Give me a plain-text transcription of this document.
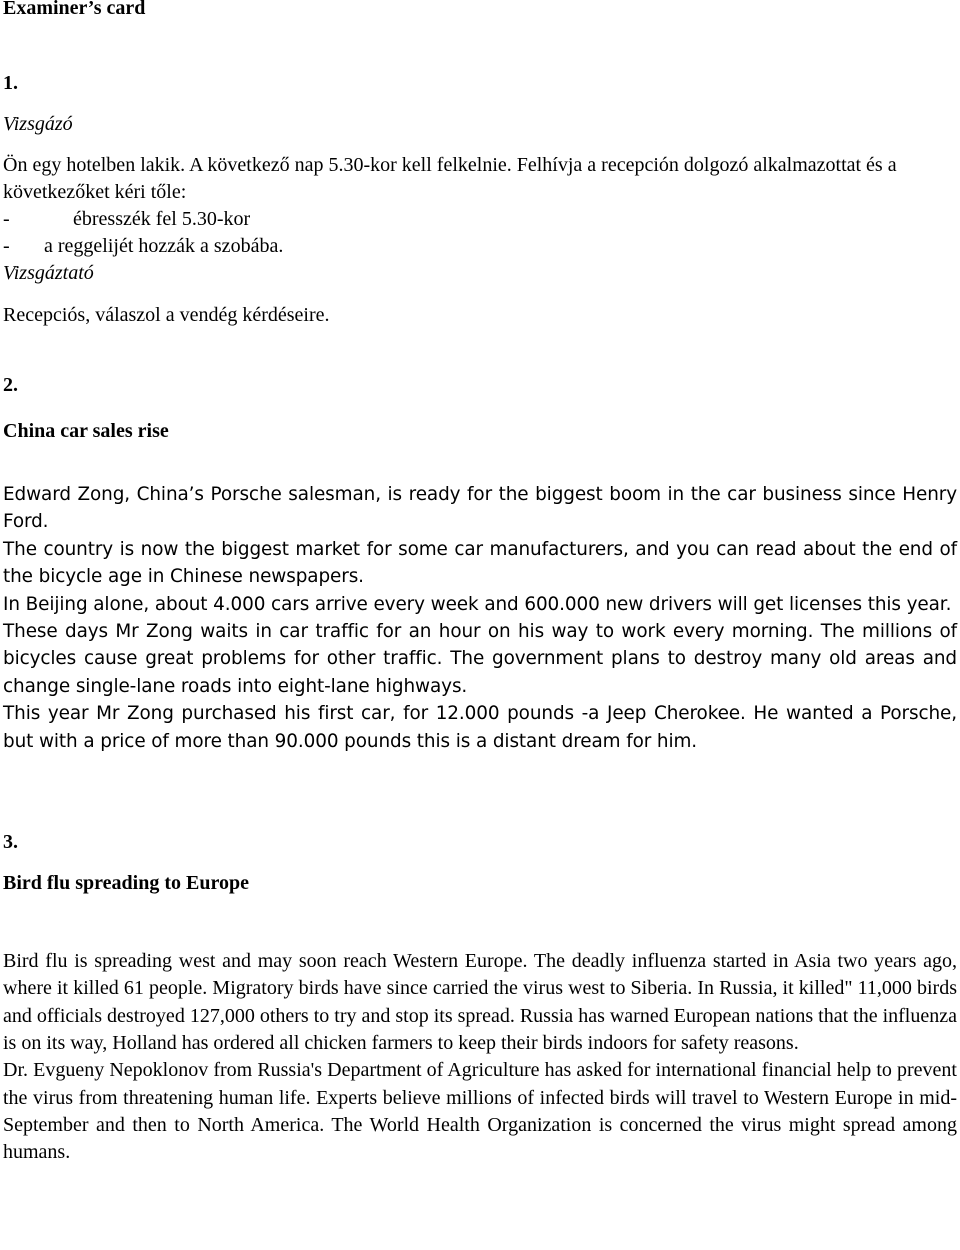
Examiner’s card
1.
Vizsgázó
Ön egy hotelben lakik. A következő nap 5.30-kor kell felkelnie. Felhívja a recepción dolgozó alkalmazottat és a következőket kéri tőle:
-	ébresszék fel 5.30-kor
- a reggelijét hozzák a szobába.
Vizsgáztató
Recepciós, válaszol a vendég kérdéseire.
2.
China car sales rise
Edward Zong, China’s Porsche salesman, is ready for the biggest boom in the car business since Henry Ford.
The country is now the biggest market for some car manufacturers, and you can read about the end of the bicycle age in Chinese newspapers.
In Beijing alone, about 4.000 cars arrive every week and 600.000 new drivers will get licenses this year.
These days Mr Zong waits in car traffic for an hour on his way to work every morning. The millions of bicycles cause great problems for other traffic. The government plans to destroy many old areas and change single-lane roads into eight-lane highways.
This year Mr Zong purchased his first car, for 12.000 pounds -a Jeep Cherokee. He wanted a Porsche, but with a price of more than 90.000 pounds this is a distant dream for him.
3.
Bird flu spreading to Europe
Bird flu is spreading west and may soon reach Western Europe. The deadly influenza started in Asia two years ago, where it killed 61 people. Migratory birds have since carried the virus west to Siberia. In Russia, it killed" 11,000 birds and officials destroyed 127,000 others to try and stop its spread. Russia has warned European nations that the influenza is on its way, Holland has ordered all chicken farmers to keep their birds indoors for safety reasons.
Dr. Evgueny Nepoklonov from Russia's Department of Agriculture has asked for international financial help to prevent the virus from threatening human life. Experts believe millions of infected birds will travel to Western Europe in mid-September and then to North America. The World Health Organization is concerned the virus might spread among humans.
